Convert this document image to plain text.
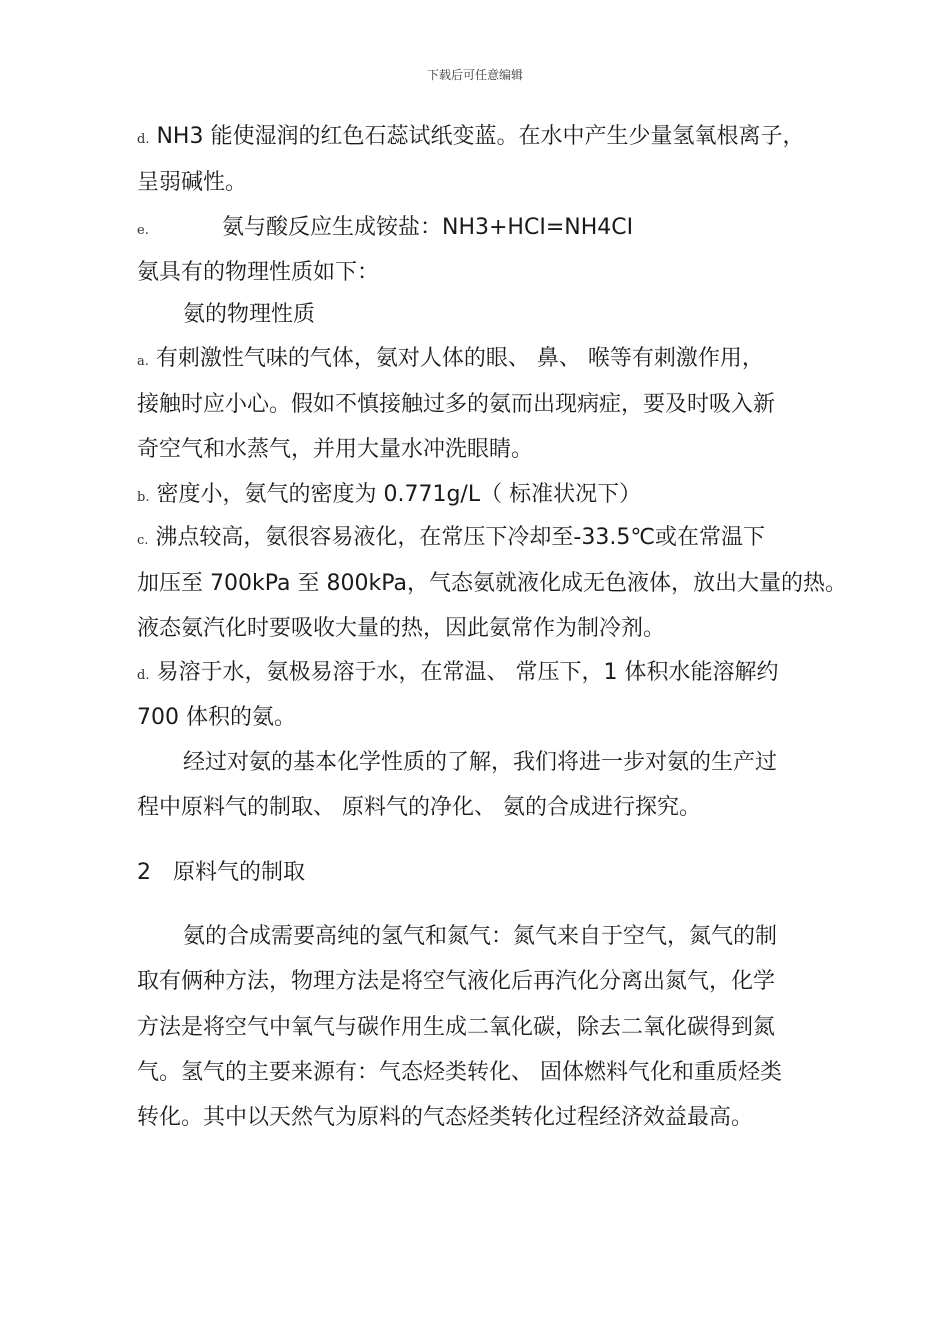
下载后可任意编辑
d. NH3 能使湿润的红色石蕊试纸变蓝。在水中产生少量氢氧根离子，
呈弱碱性。
e.	氨与酸反应生成铵盐：NH3+HCI=NH4CI
氨具有的物理性质如下：
氨的物理性质
a. 有刺激性气味的气体，氨对人体的眼、 鼻、 喉等有刺激作用，
接触时应小心。假如不慎接触过多的氨而出现病症，要及时吸入新
奇空气和水蒸气，并用大量水冲洗眼睛。
b. 密度小，氨气的密度为 0.771g/L（ 标准状况下）
c. 沸点较高，氨很容易液化，在常压下冷却至-33.5℃或在常温下
加压至 700kPa 至 800kPa，气态氨就液化成无色液体，放出大量的热。
液态氨汽化时要吸收大量的热，因此氨常作为制冷剂。
d. 易溶于水，氨极易溶于水，在常温、 常压下，1 体积水能溶解约
700 体积的氨。
经过对氨的基本化学性质的了解，我们将进一步对氨的生产过
程中原料气的制取、 原料气的净化、 氨的合成进行探究。
2　原料气的制取
氨的合成需要高纯的氢气和氮气：氮气来自于空气，氮气的制
取有俩种方法，物理方法是将空气液化后再汽化分离出氮气，化学
方法是将空气中氧气与碳作用生成二氧化碳，除去二氧化碳得到氮
气。氢气的主要来源有：气态烃类转化、 固体燃料气化和重质烃类
转化。其中以天然气为原料的气态烃类转化过程经济效益最高。
